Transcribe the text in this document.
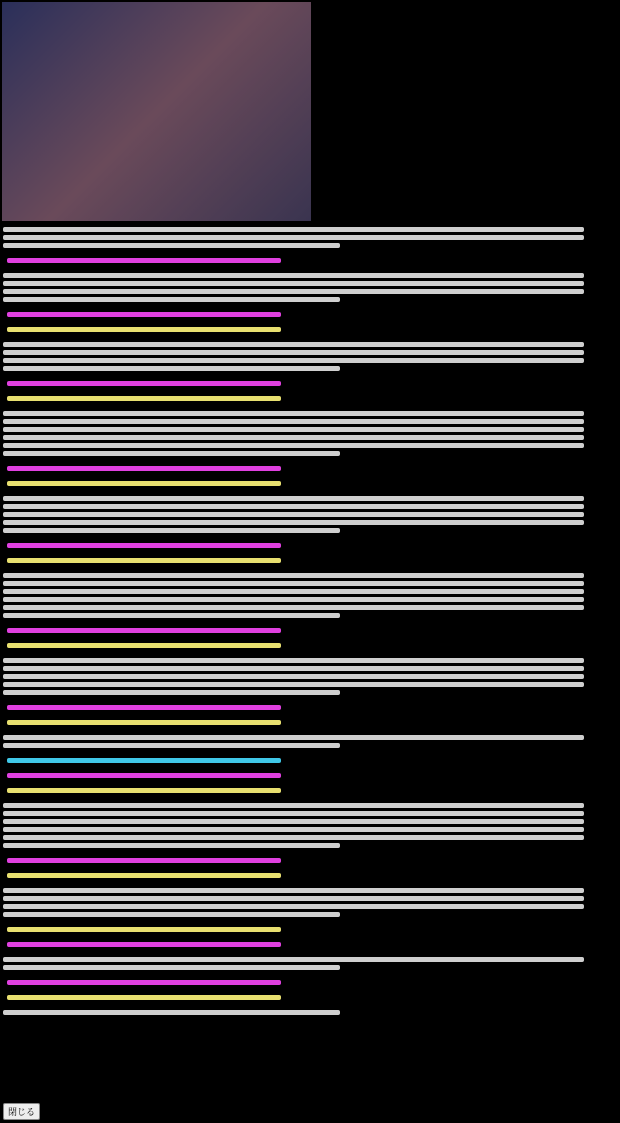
閉じる
